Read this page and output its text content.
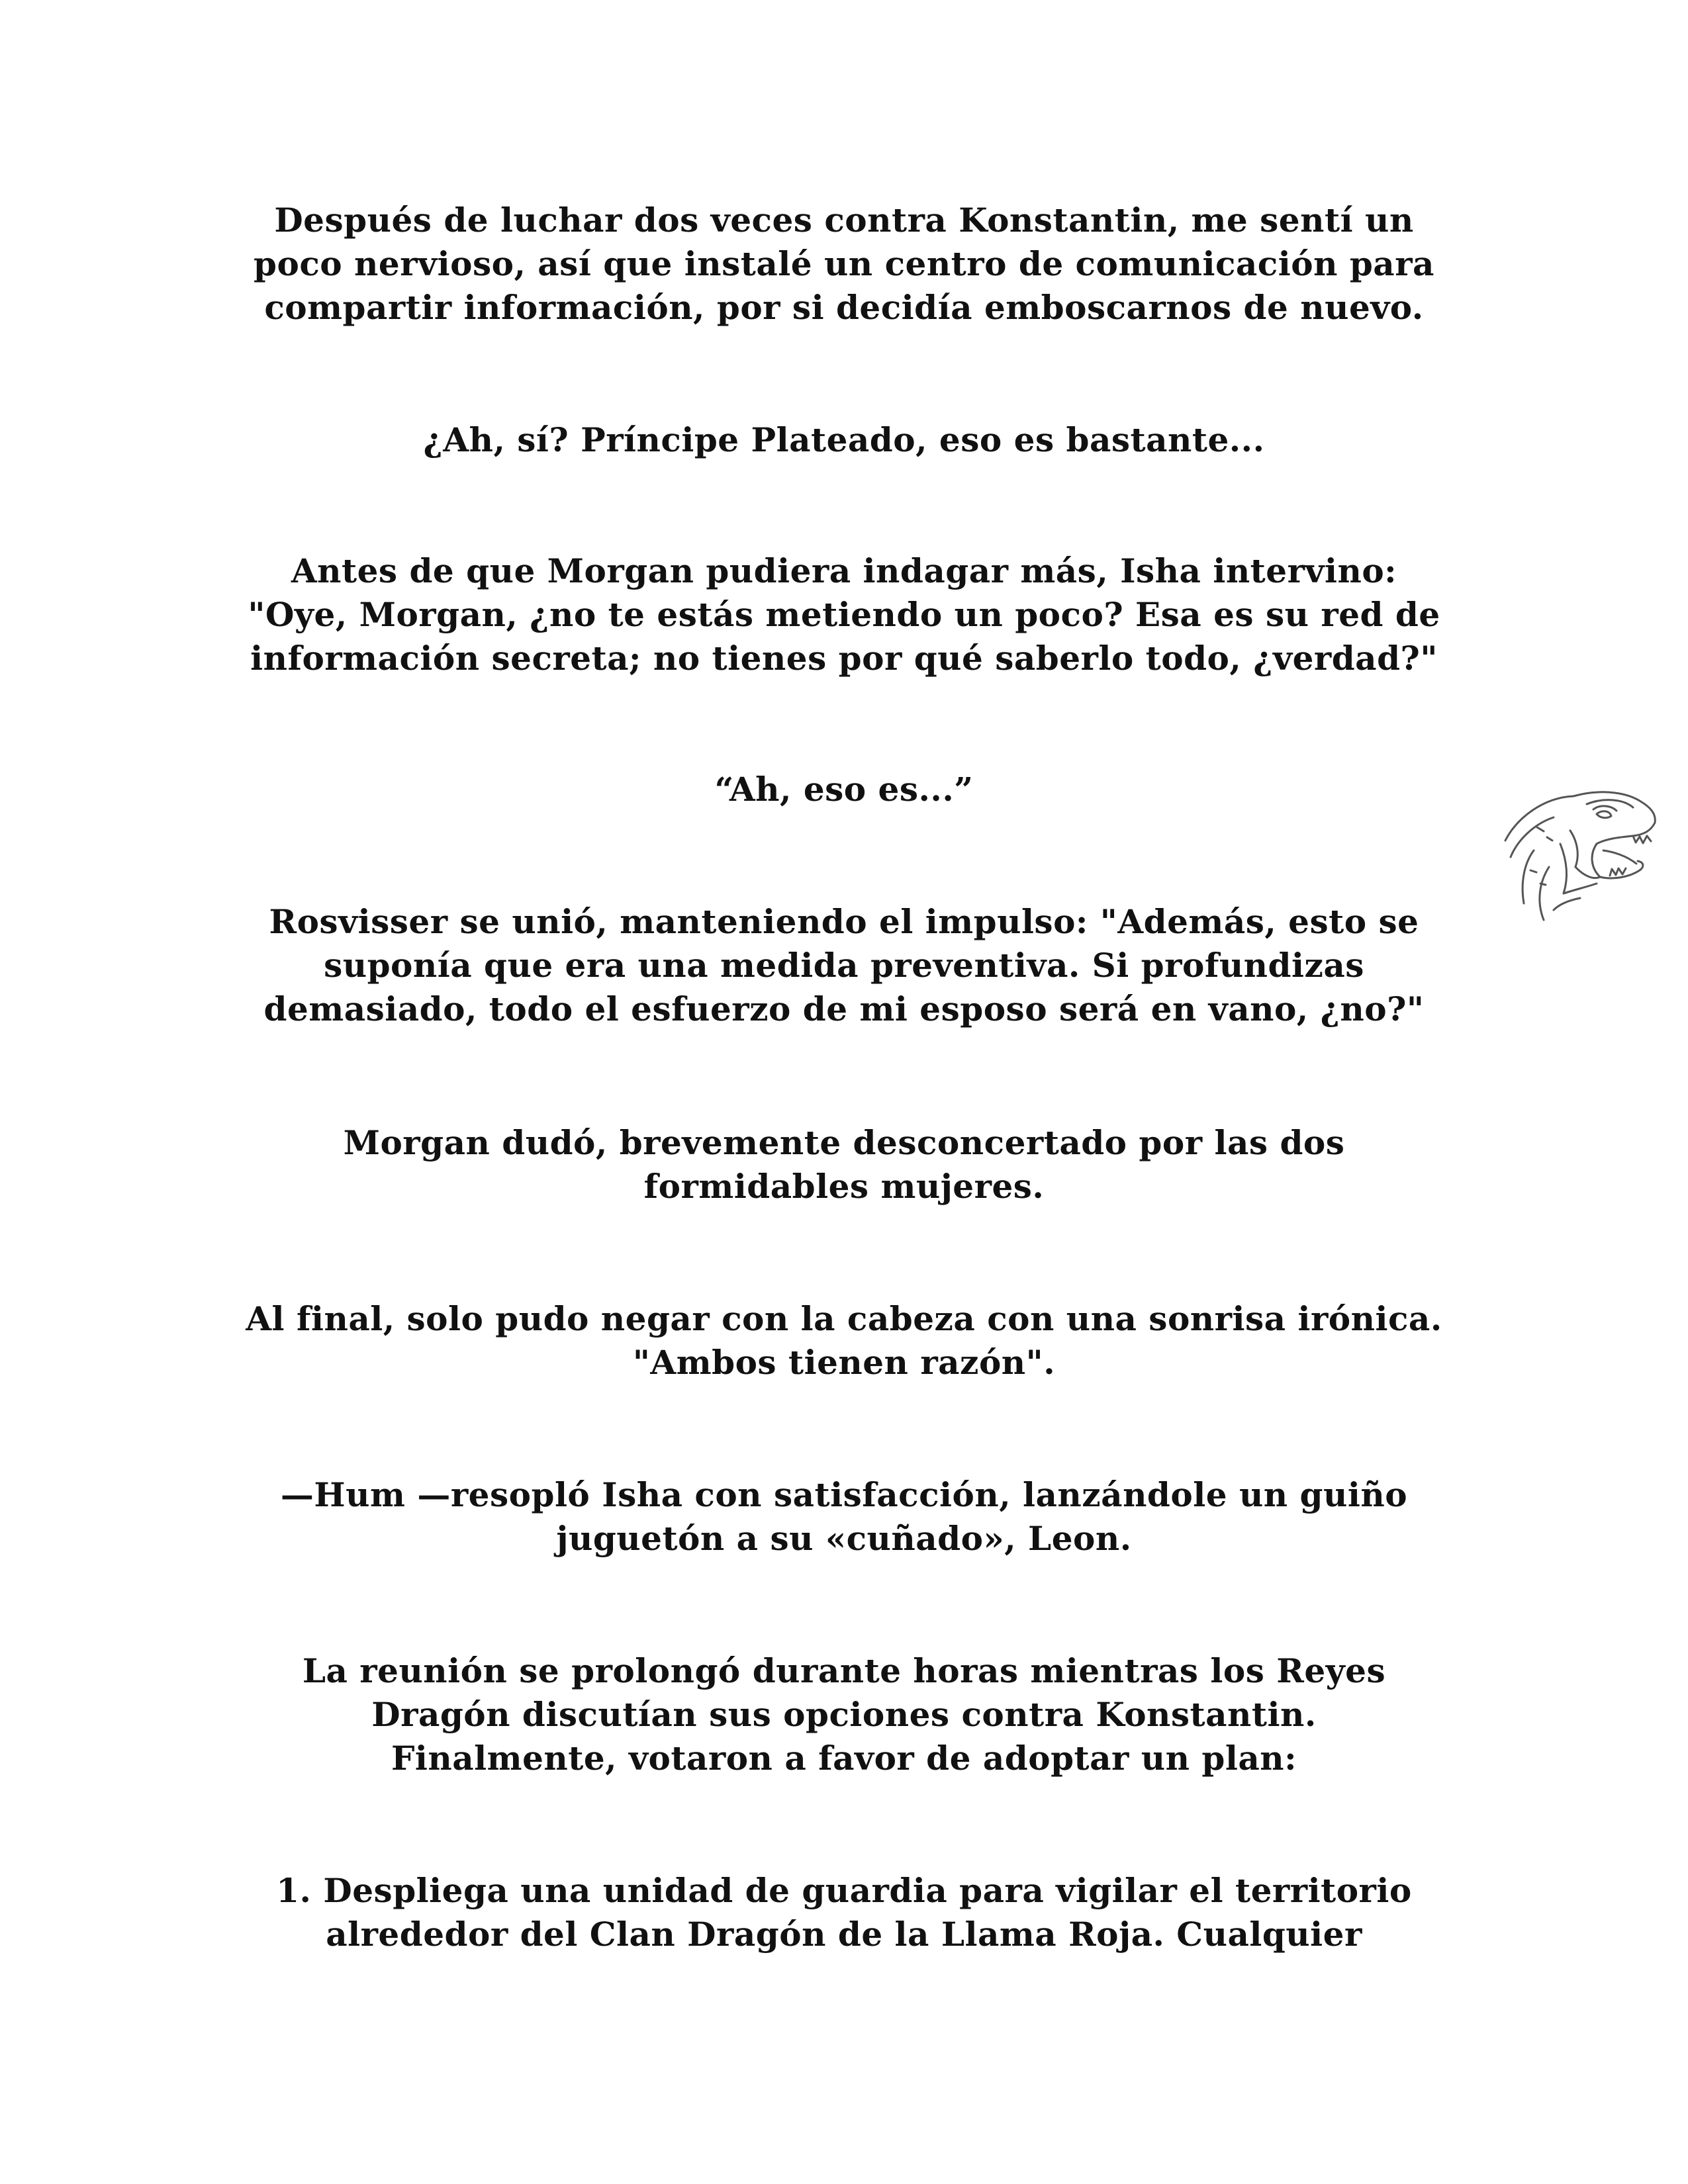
Después de luchar dos veces contra Konstantin, me sentí un
poco nervioso, así que instalé un centro de comunicación para
compartir información, por si decidía emboscarnos de nuevo.
¿Ah, sí? Príncipe Plateado, eso es bastante...
Antes de que Morgan pudiera indagar más, Isha intervino:
"Oye, Morgan, ¿no te estás metiendo un poco? Esa es su red de
información secreta; no tienes por qué saberlo todo, ¿verdad?"
“Ah, eso es...”
Rosvisser se unió, manteniendo el impulso: "Además, esto se
suponía que era una medida preventiva. Si profundizas
demasiado, todo el esfuerzo de mi esposo será en vano, ¿no?"
Morgan dudó, brevemente desconcertado por las dos
formidables mujeres.
Al final, solo pudo negar con la cabeza con una sonrisa irónica.
"Ambos tienen razón".
—Hum —resopló Isha con satisfacción, lanzándole un guiño
juguetón a su «cuñado», Leon.
La reunión se prolongó durante horas mientras los Reyes
Dragón discutían sus opciones contra Konstantin.
Finalmente, votaron a favor de adoptar un plan:
1. Despliega una unidad de guardia para vigilar el territorio
alrededor del Clan Dragón de la Llama Roja. Cualquier
